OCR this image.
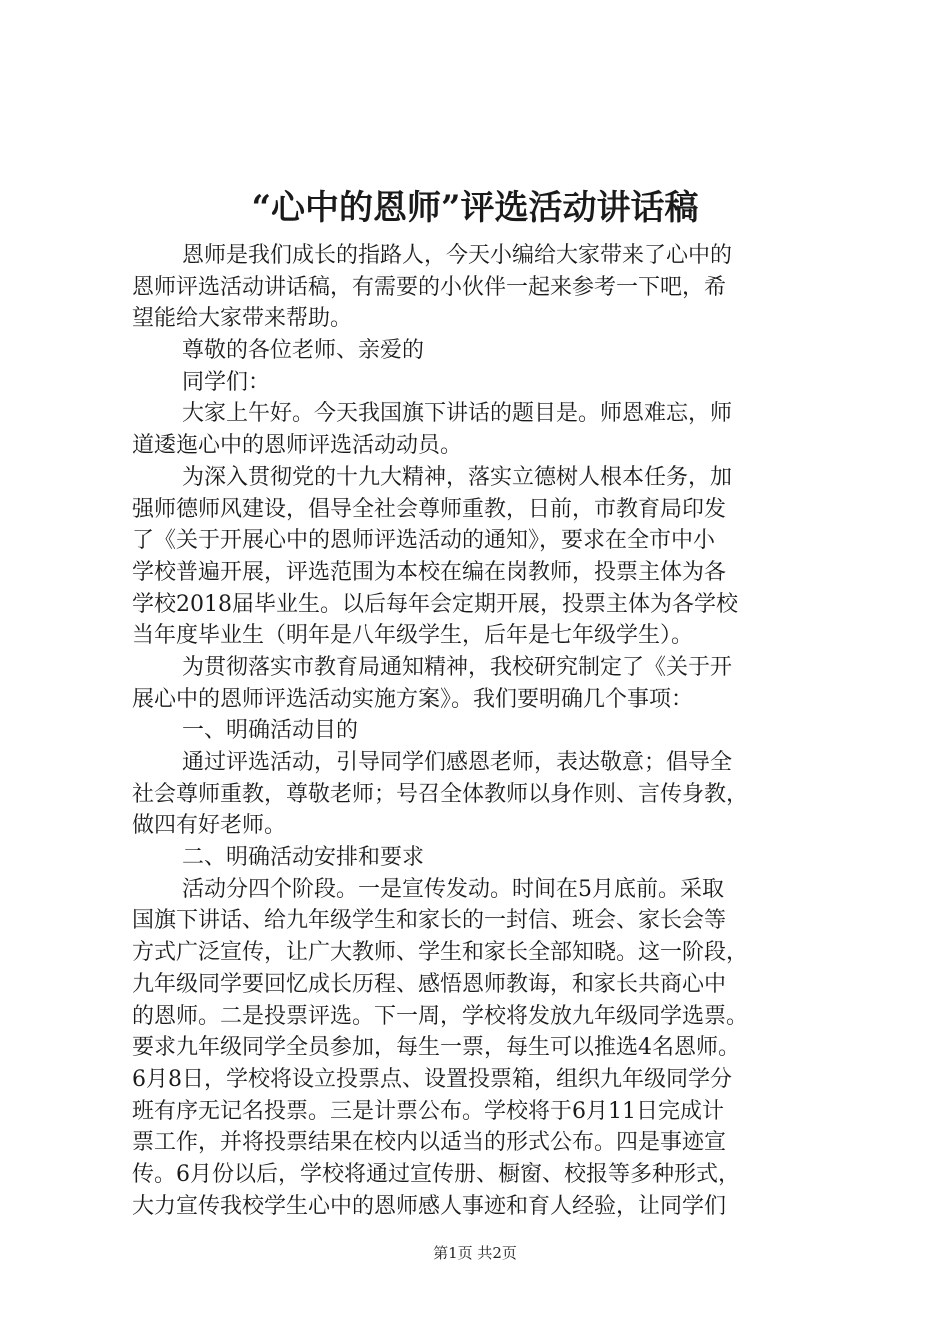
“心中的恩师”评选活动讲话稿
恩师是我们成长的指路人，今天小编给大家带来了心中的
恩师评选活动讲话稿，有需要的小伙伴一起来参考一下吧，希
望能给大家带来帮助。
尊敬的各位老师、亲爱的
同学们：
大家上午好。今天我国旗下讲话的题目是。师恩难忘，师
道逶迤心中的恩师评选活动动员。
为深入贯彻党的十九大精神，落实立德树人根本任务，加
强师德师风建设，倡导全社会尊师重教，日前，市教育局印发
了《关于开展心中的恩师评选活动的通知》，要求在全市中小
学校普遍开展，评选范围为本校在编在岗教师，投票主体为各
学校2018届毕业生。以后每年会定期开展，投票主体为各学校
当年度毕业生（明年是八年级学生，后年是七年级学生）。
为贯彻落实市教育局通知精神，我校研究制定了《关于开
展心中的恩师评选活动实施方案》。我们要明确几个事项：
一、明确活动目的
通过评选活动，引导同学们感恩老师，表达敬意；倡导全
社会尊师重教，尊敬老师；号召全体教师以身作则、言传身教，
做四有好老师。
二、明确活动安排和要求
活动分四个阶段。一是宣传发动。时间在5月底前。采取
国旗下讲话、给九年级学生和家长的一封信、班会、家长会等
方式广泛宣传，让广大教师、学生和家长全部知晓。这一阶段，
九年级同学要回忆成长历程、感悟恩师教诲，和家长共商心中
的恩师。二是投票评选。下一周，学校将发放九年级同学选票。
要求九年级同学全员参加，每生一票，每生可以推选4名恩师。
6月8日，学校将设立投票点、设置投票箱，组织九年级同学分
班有序无记名投票。三是计票公布。学校将于6月11日完成计
票工作，并将投票结果在校内以适当的形式公布。四是事迹宣
传。6月份以后，学校将通过宣传册、橱窗、校报等多种形式，
大力宣传我校学生心中的恩师感人事迹和育人经验，让同学们
第1页 共2页
